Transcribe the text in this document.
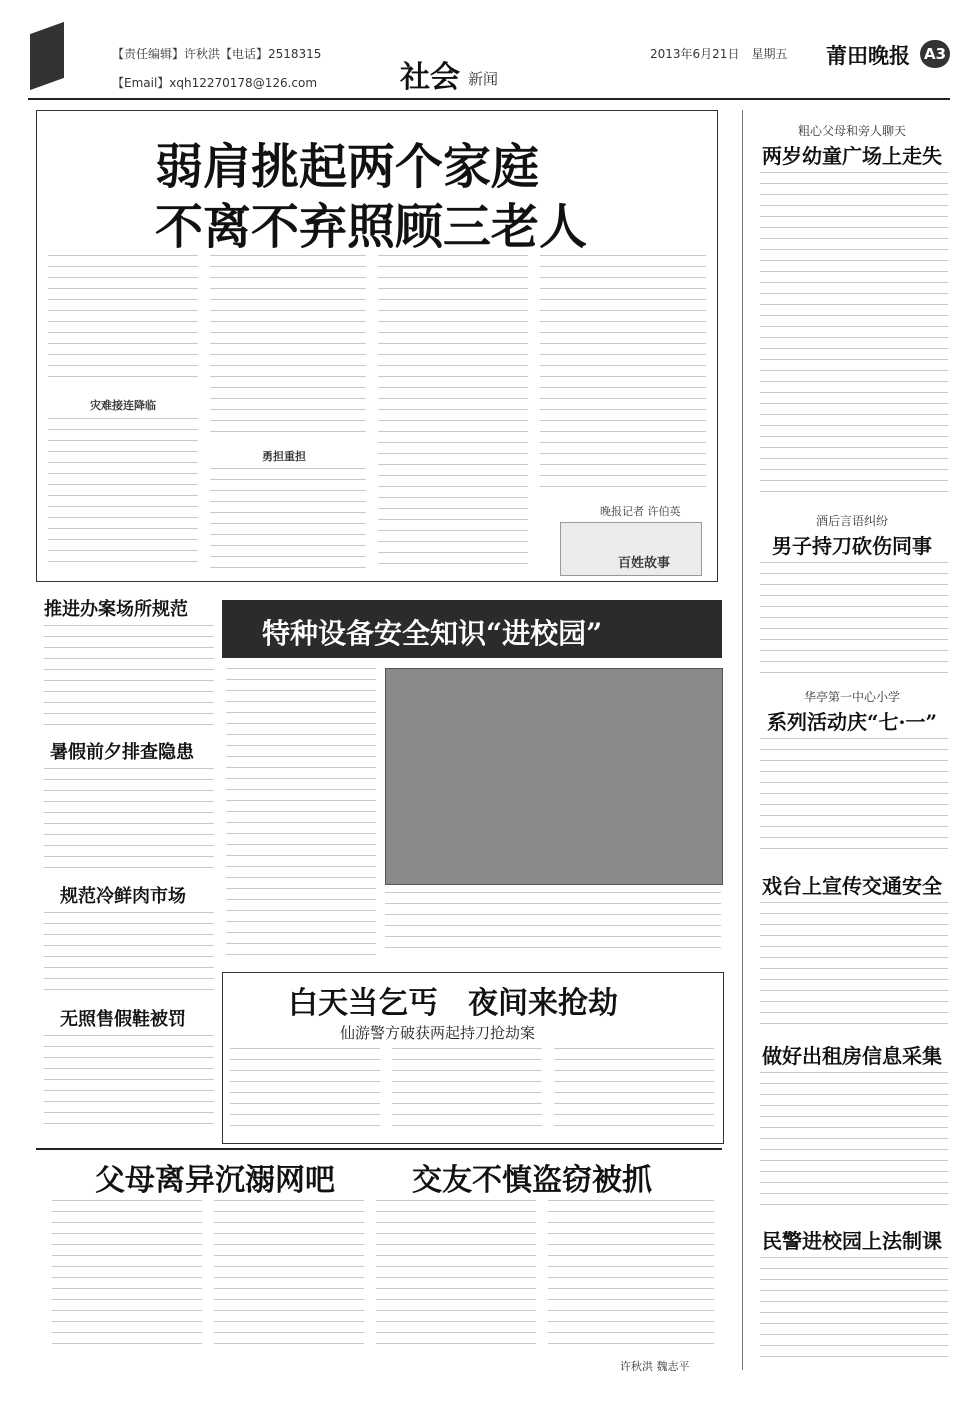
【责任编辑】许秋洪【电话】2518315
【Email】xqh12270178@126.com	社会 新闻
2013年6月21日　星期五 莆田晚报 A3
弱肩挑起两个家庭
不离不弃照顾三老人
灾难接连降临
勇担重担
晚报记者 许伯英
百姓故事
推进办案场所规范
暑假前夕排查隐患
规范冷鲜肉市场
无照售假鞋被罚
特种设备安全知识“进校园”
白天当乞丐　夜间来抢劫
仙游警方破获两起持刀抢劫案
父母离异沉溺网吧	交友不慎盗窃被抓
许秋洪 魏志平
粗心父母和旁人聊天
两岁幼童广场上走失
酒后言语纠纷
男子持刀砍伤同事
华亭第一中心小学
系列活动庆“七·一”
戏台上宣传交通安全
做好出租房信息采集
民警进校园上法制课
